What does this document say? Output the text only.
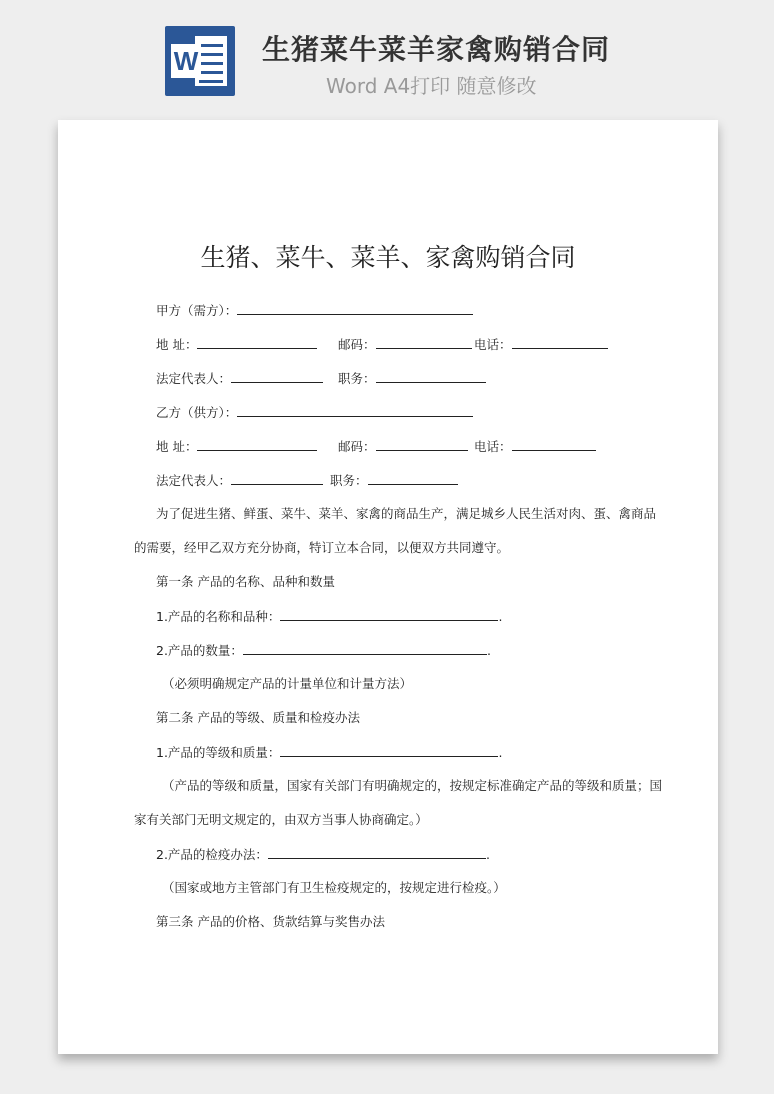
W 生猪菜牛菜羊家禽购销合同
Word A4打印 随意修改
生猪、菜牛、菜羊、家禽购销合同
甲方（需方）：
地 址：	邮码：	电话：
法定代表人：	职务：
乙方（供方）：
地 址：	邮码：	电话：
法定代表人：	职务：
为了促进生猪、鲜蛋、菜牛、菜羊、家禽的商品生产，满足城乡人民生活对肉、蛋、禽商品
的需要，经甲乙双方充分协商，特订立本合同，以便双方共同遵守。
第一条 产品的名称、品种和数量
1.产品的名称和品种：	.
2.产品的数量：	.
（必须明确规定产品的计量单位和计量方法）
第二条 产品的等级、质量和检疫办法
1.产品的等级和质量：	.
（产品的等级和质量，国家有关部门有明确规定的，按规定标准确定产品的等级和质量；国
家有关部门无明文规定的，由双方当事人协商确定。）
2.产品的检疫办法：	.
（国家或地方主管部门有卫生检疫规定的，按规定进行检疫。）
第三条 产品的价格、货款结算与奖售办法
